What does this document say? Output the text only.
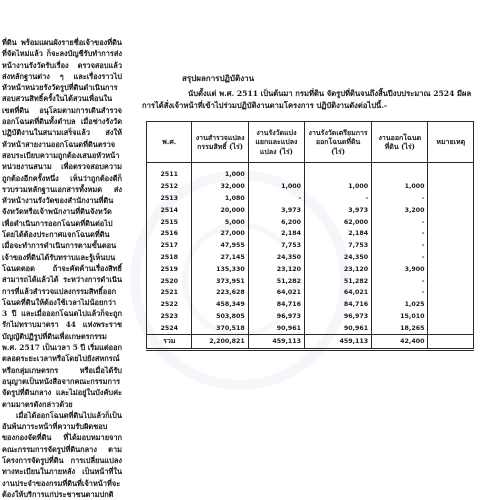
ที่ดิน พร้อมแผนผังรายชื่อเจ้าของที่ดินที่จัดไหม่แล้ว ก็จะลงบัญชีรับทำการส่งหน้างานรังวัดรับเรื่อง ตรวจสอบแล้วส่งหลักฐานต่าง ๆ และเรื่องราวไปหัวหน้าหน่วยรังวัดรูปที่ดินดำเนินการ สอบสวนสิทธิ์ครั้งในได้สวนเพื่อนในเขตที่ดิน อนุโลมตามการเดินสำรวจออกโฉนดที่ดินทั้งตำบล เมื่อช่างรังวัดปฏิบัติงานในสนามเสร็จแล้ว ส่งให้หัวหน้าสายงานออกโฉนดที่ดินตรวจสอบระเบียบความถูกต้องเสนอหัวหน้าหน่วยงานสนาม เพื่อตรวจสอบความถูกต้องอีกครั้งหนึ่ง เห็นว่าถูกต้องดีก็รวบรวมหลักฐานเอกสารทั้งหมด ส่งหัวหน้างานรังวัดของสำนักงานที่ดินจังหวัดหรือเจ้าพนักงานที่ดินจังหวัดเพื่อดำเนินการออกโฉนดที่ดินต่อไป โดยได้ต้องประกาศแจกโฉนดที่ดิน เมื่อจะทำการดำเนินการตามขั้นตอนเจ้าของที่ดินได้รับทราบและรู้เห็นบนโฉนดตอด ถ้าจะคัดค้านเรื่องสิทธิ์สามารถได้แล้วได้ ระหว่างการดำเนินการที่แล้วสำรวจแปลงกรรมสิทธิ์ออกโฉนดที่ดินให้ต้องใช้เวลาไม่น้อยกว่า 3 ปี และเมื่อออกโฉนดไปแล้วก็จะถูกรักไม่ทราบมาตรา 44 แห่งพระราชบัญญัติปฏิรูปที่ดินเพื่อเกษตรกรรม พ.ศ. 2517 เป็นเวลา 5 ปี เริ่มแต่ออกตลอดระยะเวลาหรือโดยไปยังสหกรณ์ หรือกลุ่มเกษตรกร หรือเมื่อได้รับอนุญาตเป็นหนังสือจากคณะกรรมการจัดรูปที่ดินกลาง และไม่อยู่ในบังคับค่ะตามมาตรดังกล่าวด้วย

เมื่อได้ออกโฉนดที่ดินไปแล้วก็เป็นอันพ้นภาระหน้าที่ความรับผิดชอบของกองจัดที่ดิน ที่ได้มอบหมายจากคณะกรรมการจัดรูปที่ดินกลาง ตามโครงการจัดรูปที่ดิน การเปลี่ยนแปลงทางทะเบียนในภายหลัง เป็นหน้าที่ในงานประจำของกรมที่ดินที่เจ้าหน้าที่จะต้องให้บริการแก่ประชาชนตามปกติ

สรุปผลการปฏิบัติงาน

นับตั้งแต่ พ.ศ. 2511 เป็นต้นมา กรมที่ดิน จัดรูปที่ดินจนถึงสิ้นปีงบประมาณ 2524 มีผลการได้สั่งเจ้าหน้าที่เข้าไปร่วมปฏิบัติงานตามโครงการ ปฏิบัติงานดังต่อไปนี้.-

พ.ศ.	งานสำรวจแปลงกรรมสิทธิ์ (ไร่)	งานรังวัดแบ่งแยกและแปลงแปลง (ไร่)	งานรังวัดเตรียมการออกโฉนดที่ดิน (ไร่)	งานออกโฉนดที่ดิน (ไร่)	หมายเหตุ
2511	1,000				
2512	32,000	1,000	1,000	1,000	
2513	1,080	-	-	-	
2514	20,000	3,973	3,973	3,200	
2515	5,000	6,200	62,000	-	
2516	27,000	2,184	2,184	-	
2517	47,955	7,753	7,753	-	
2518	27,145	24,350	24,350	-	
2519	135,330	23,120	23,120	3,900	
2520	373,951	51,282	51,282	-	
2521	223,628	64,021	64,021	-	
2522	458,349	84,716	84,716	1,025	
2523	503,805	96,973	96,973	15,010	
2524	370,518	90,961	90,961	18,265	
รวม	2,200,821	459,113	459,113	42,400	
